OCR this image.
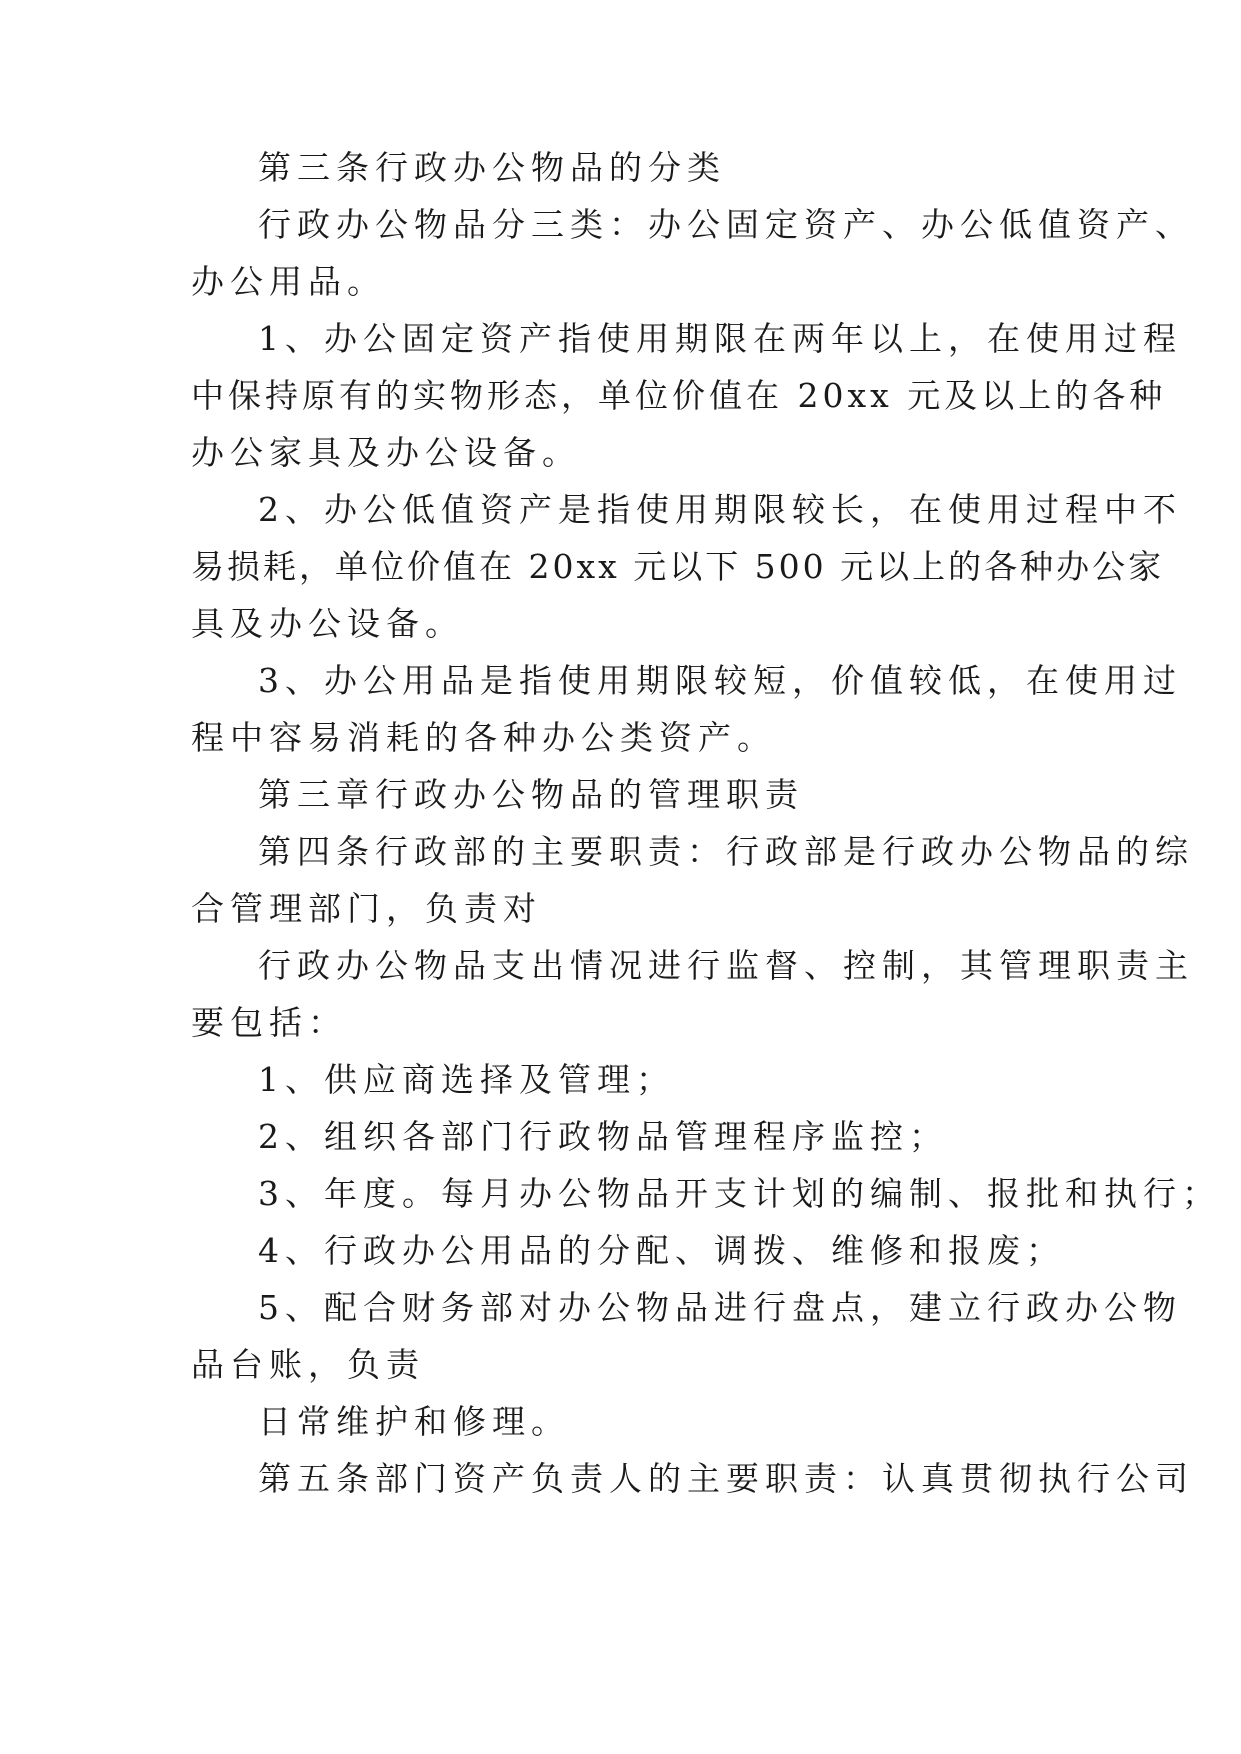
第三条行政办公物品的分类
行政办公物品分三类：办公固定资产、办公低值资产、
办公用品。
1、办公固定资产指使用期限在两年以上，在使用过程
中保持原有的实物形态，单位价值在 20xx 元及以上的各种
办公家具及办公设备。
2、办公低值资产是指使用期限较长，在使用过程中不
易损耗，单位价值在 20xx 元以下 500 元以上的各种办公家
具及办公设备。
3、办公用品是指使用期限较短，价值较低，在使用过
程中容易消耗的各种办公类资产。
第三章行政办公物品的管理职责
第四条行政部的主要职责：行政部是行政办公物品的综
合管理部门，负责对
行政办公物品支出情况进行监督、控制，其管理职责主
要包括：
1、供应商选择及管理；
2、组织各部门行政物品管理程序监控；
3、年度。每月办公物品开支计划的编制、报批和执行；
4、行政办公用品的分配、调拨、维修和报废；
5、配合财务部对办公物品进行盘点，建立行政办公物
品台账，负责
日常维护和修理。
第五条部门资产负责人的主要职责：认真贯彻执行公司
